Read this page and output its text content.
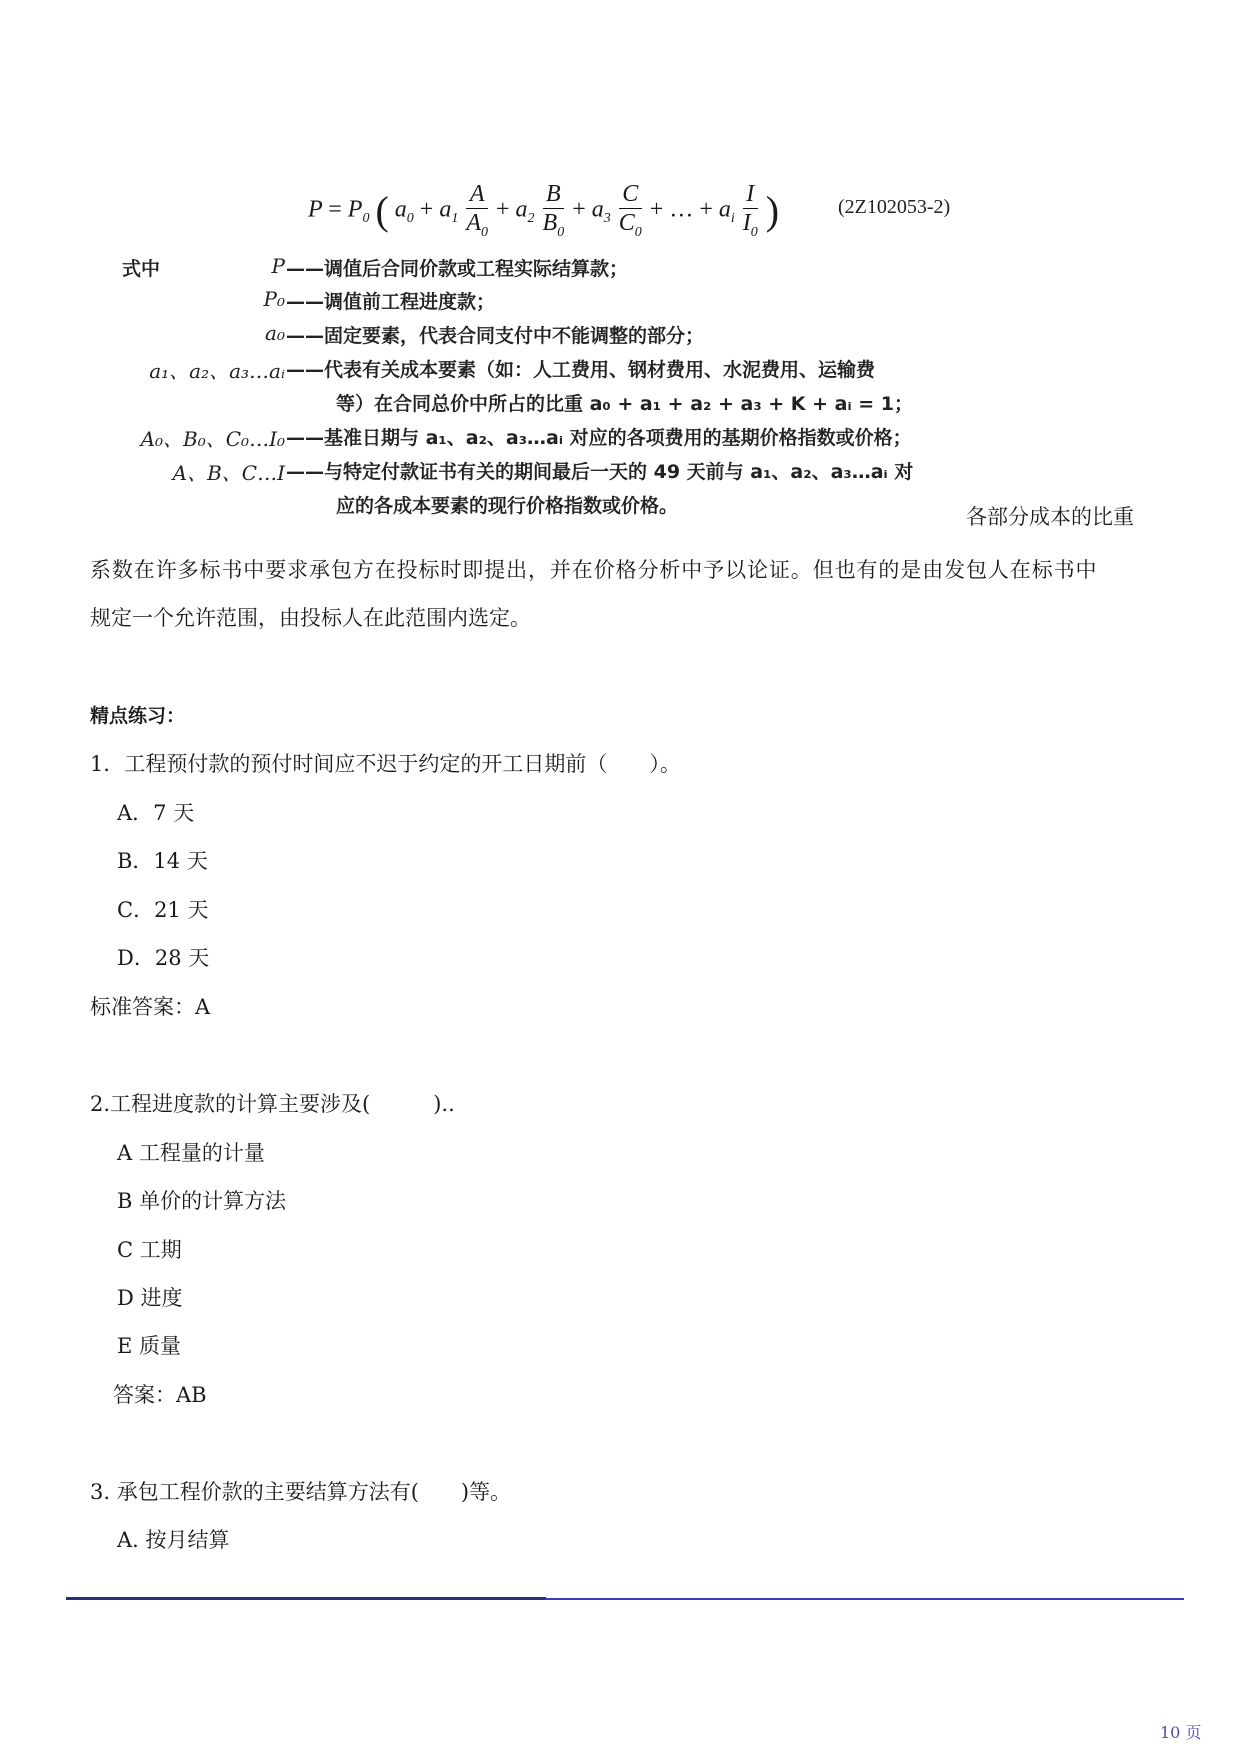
$P = P_0$ ( $a_0 + a_1 \frac{A}{A_0} + a_2 \frac{B}{B_0} + a_3 \frac{C}{C_0}$ + … + $a_i \frac{I}{I_0}$ )	(2Z102053-2)
式中	P ——调值后合同价款或工程实际结算款；
P₀ ——调值前工程进度款；
a₀ ——固定要素，代表合同支付中不能调整的部分；
a₁、a₂、a₃…aᵢ ——代表有关成本要素（如：人工费用、钢材费用、水泥费用、运输费
等）在合同总价中所占的比重 a₀ + a₁ + a₂ + a₃ + K + aᵢ = 1；
A₀、B₀、C₀…I₀ ——基准日期与 a₁、a₂、a₃…aᵢ 对应的各项费用的基期价格指数或价格；
A、B、C…I ——与特定付款证书有关的期间最后一天的 49 天前与 a₁、a₂、a₃…aᵢ 对
应的各成本要素的现行价格指数或价格。	各部分成本的比重
系数在许多标书中要求承包方在投标时即提出，并在价格分析中予以论证。但也有的是由发包人在标书中
规定一个允许范围，由投标人在此范围内选定。
精点练习：
1．工程预付款的预付时间应不迟于约定的开工日期前（　　）。
A．7 天
B．14 天
C．21 天
D．28 天
标准答案：A
2.工程进度款的计算主要涉及(　　　)..
A 工程量的计量
B 单价的计算方法
C 工期
D 进度
E 质量
答案：AB
3. 承包工程价款的主要结算方法有(　　)等。
A. 按月结算
10 页
